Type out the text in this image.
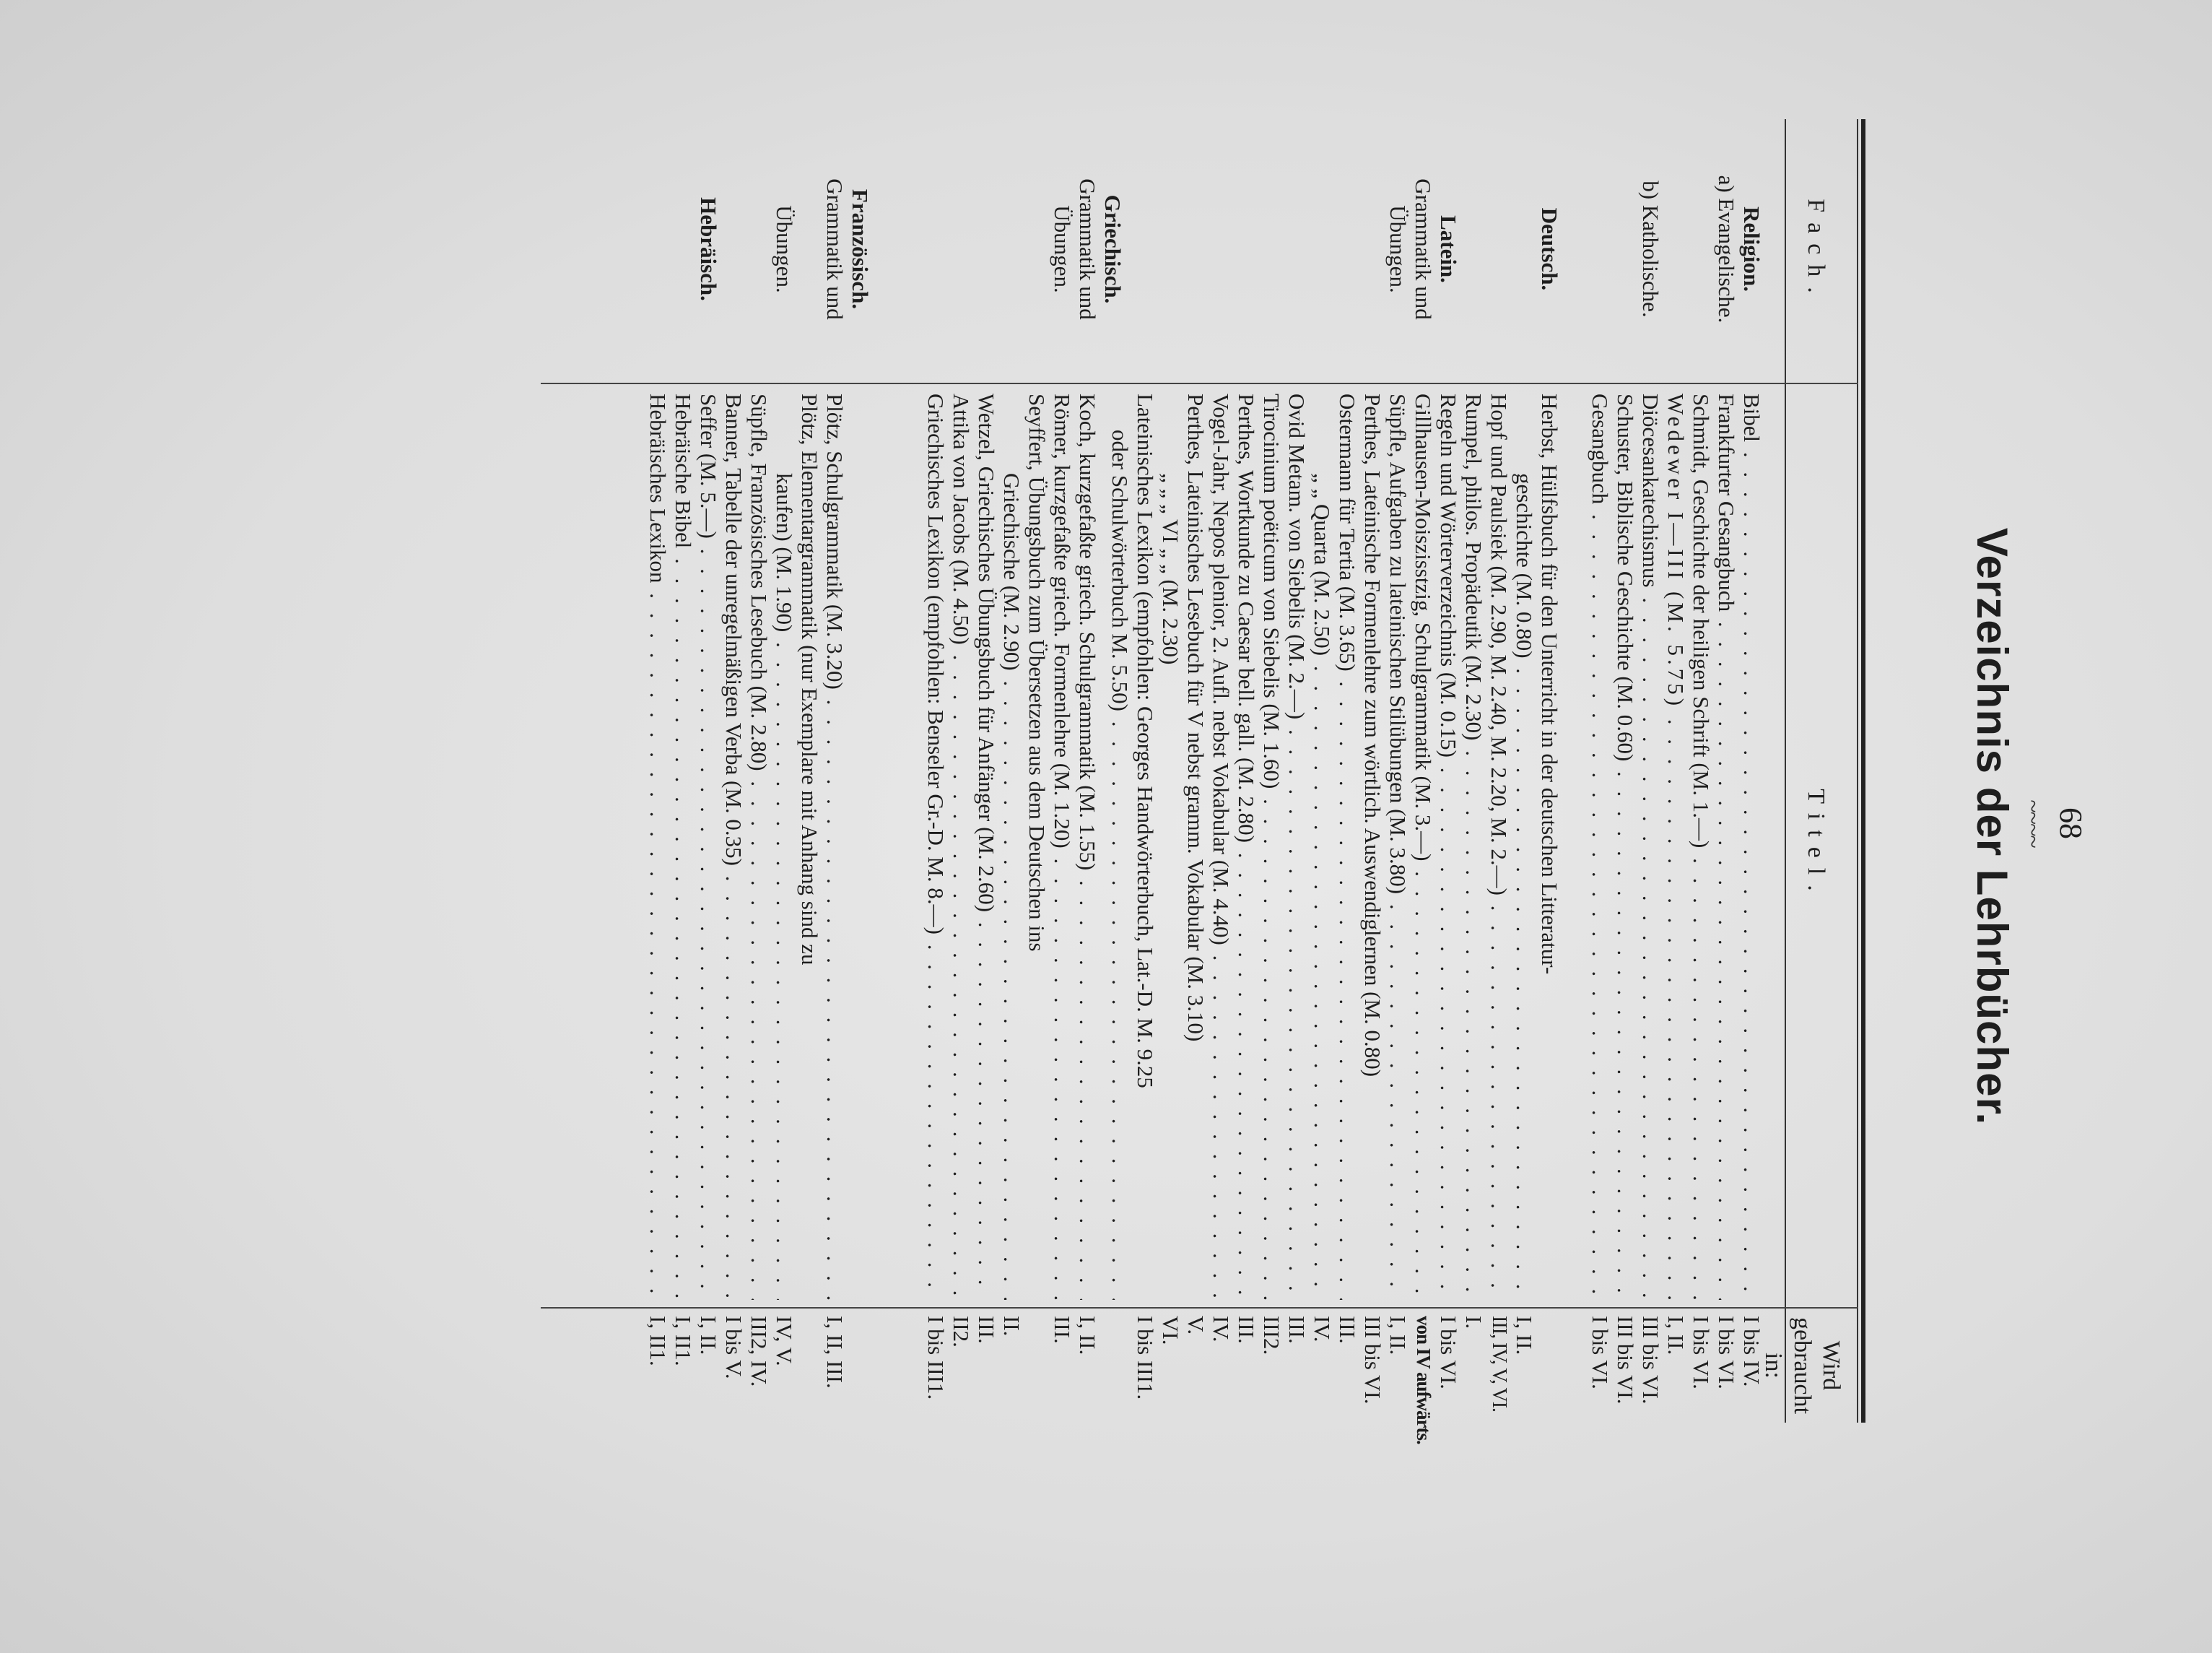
68
~~~~
Verzeichnis der Lehrbücher.
Fach.
Titel.
Wird gebraucht
in:
Religion.
a) Evangelische.
b) Katholische.
Deutsch.
Latein.
Grammatik und
Übungen.
Griechisch.
Grammatik und
Übungen.
Französisch.
Grammatik und
Übungen.
Hebräisch.
Bibel . . .
Frankfurter Gesangbuch . . .
Schmidt, Geschichte der heiligen Schrift (M. 1.—) . . .
Wedewer I—III (M. 5.75) . . .
Diöcesankatechismus . . .
Schuster, Biblische Geschichte (M. 0.60) . . .
Gesangbuch . . .
Herbst, Hülfsbuch für den Unterricht in der deutschen Litteratur-
geschichte (M. 0.80) . . .
Hopf und Paulsiek (M. 2.90, M. 2.40, M. 2.20, M. 2.—) . . .
Rumpel, philos. Propädeutik (M. 2.30) . . .
Regeln und Wörterverzeichnis (M. 0.15) . . .
Gillhausen-Moiszisstzig, Schulgrammatik (M. 3.—) . . .
Süpfle, Aufgaben zu lateinischen Stilübungen (M. 3.80) . . .
Perthes, Lateinische Formenlehre zum wörtlich. Auswendiglernen (M. 0.80)
Ostermann für Tertia (M. 3.65) . . .
„ „ Quarta (M. 2.50) . . .
Ovid Metam. von Siebelis (M. 2.—) . . .
Tirocinium poëticum von Siebelis (M. 1.60) . . .
Perthes, Wortkunde zu Caesar bell. gall. (M. 2.80) . . .
Vogel-Jahr, Nepos plenior, 2. Aufl. nebst Vokabular (M. 4.40) . . .
Perthes, Lateinisches Lesebuch für V nebst gramm. Vokabular (M. 3.10)
„ „ „ VI „ „ (M. 2.30)
Lateinisches Lexikon (empfohlen: Georges Handwörterbuch, Lat.-D. M. 9.25
oder Schulwörterbuch M. 5.50) . . .
Koch, kurzgefaßte griech. Schulgrammatik (M. 1.55) . . .
Römer, kurzgefaßte griech. Formenlehre (M. 1.20) . . .
Seyffert, Übungsbuch zum Übersetzen aus dem Deutschen ins
Griechische (M. 2.90) . . .
Wetzel, Griechisches Übungsbuch für Anfänger (M. 2.60) . . .
Attika von Jacobs (M. 4.50) . . .
Griechisches Lexikon (empfohlen: Benseler Gr.-D. M. 8.—) . . .
Plötz, Schulgrammatik (M. 3.20) . . .
Plötz, Elementargrammatik (nur Exemplare mit Anhang sind zu
kaufen) (M. 1.90) . . .
Süpfle, Französisches Lesebuch (M. 2.80) . . .
Banner, Tabelle der unregelmäßigen Verba (M. 0.35) . . .
Seffer (M. 5.—) . . .
Hebräische Bibel . . .
Hebräisches Lexikon . . .
I bis IV.
I bis VI.
I bis VI.
I, II.
III bis VI.
III bis VI.
I bis VI.
I, II.
III, IV, V, VI.
I.
I bis VI.
von IV aufwärts.
I, II.
III bis VI.
III.
IV.
III.
III2.
III.
IV.
V.
VI.
I bis III1.
I, II.
III.
II.
III.
II2.
I bis III1.
I, II, III.
IV, V.
III2, IV.
I bis V.
I, II.
I, II1.
I, II1.
